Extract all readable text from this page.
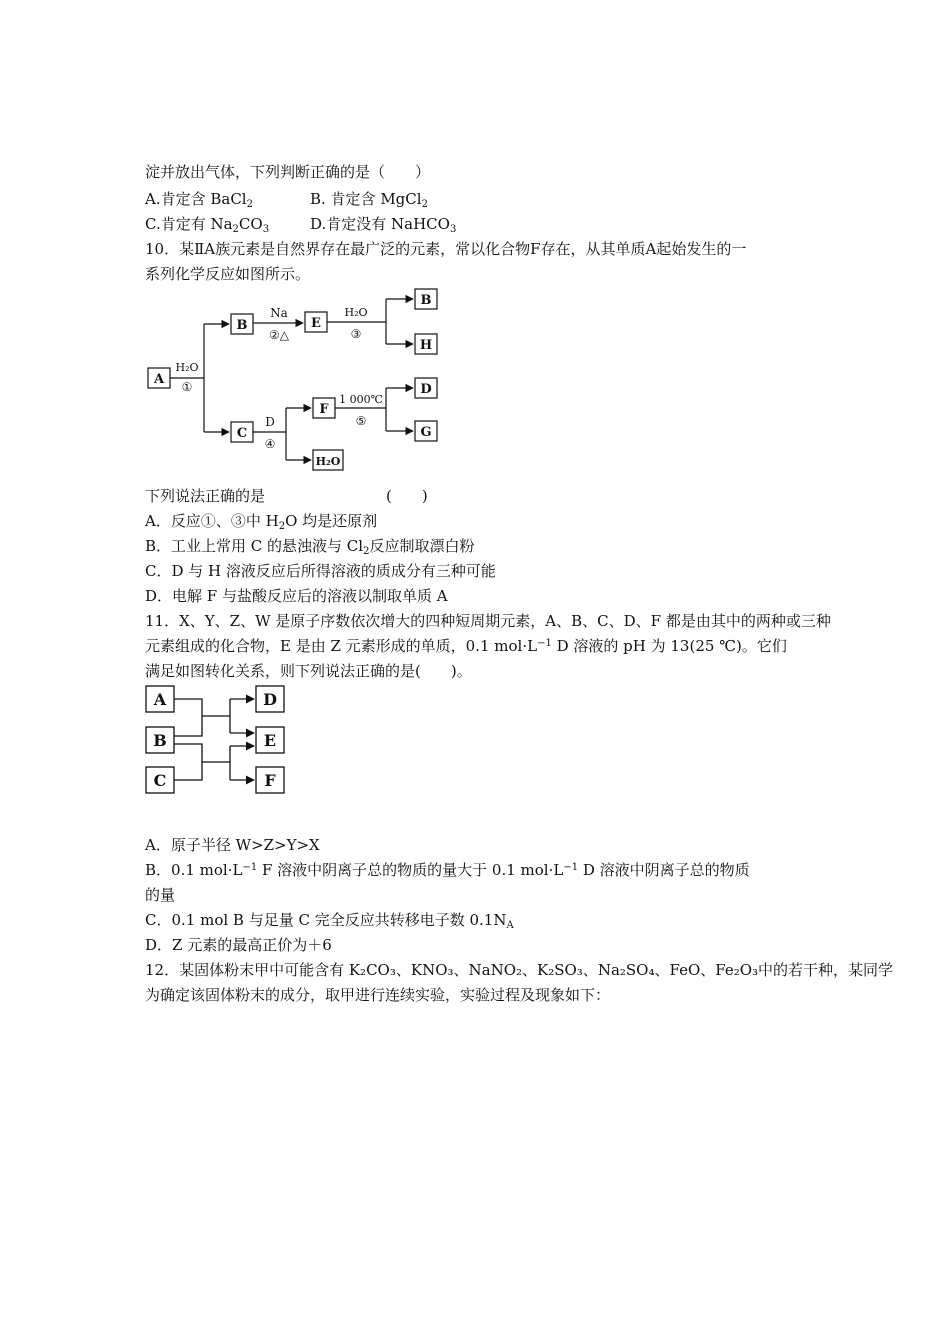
淀并放出气体，下列判断正确的是（　　）
A.肯定含 BaCl$_2$	B. 肯定含 MgCl$_2$
C.肯定有 $Na_2CO_3$	D.肯定没有 NaHCO$_3$
10．某ⅡA族元素是自然界存在最广泛的元素，常以化合物F存在，从其单质A起始发生的一
系列化学反应如图所示。
A
B	E
B
H
C
F
D
G
H₂O
H₂O
①
Na
②△
H₂O
③
D
④
1 000℃
⑤
下列说法正确的是	(　　)
A．反应①、③中 $H_2O$ 均是还原剂
B．工业上常用 C 的悬浊液与 $Cl_2$反应制取漂白粉
C．D 与 H 溶液反应后所得溶液的质成分有三种可能
D．电解 F 与盐酸反应后的溶液以制取单质 A
11．X、Y、Z、W 是原子序数依次增大的四种短周期元素，A、B、C、D、F 都是由其中的两种或三种
元素组成的化合物，E 是由 Z 元素形成的单质，0.1 $mol\cdot L^{-1}$ D 溶液的 pH 为 13(25 ℃)。它们
满足如图转化关系，则下列说法正确的是(　　)。
A
B
C
D
E
F
A．原子半径 W>Z>Y>X
B．0.1 $mol\cdot L^{-1}$ F 溶液中阴离子总的物质的量大于 0.1 $mol\cdot L^{-1}$ D 溶液中阴离子总的物质
的量
C．0.1 mol B 与足量 C 完全反应共转移电子数 $0.1N_A$
D．Z 元素的最高正价为＋6
12．某固体粉末甲中可能含有 K₂CO₃、KNO₃、NaNO₂、K₂SO₃、Na₂SO₄、FeO、Fe₂O₃中的若干种，某同学
为确定该固体粉末的成分，取甲进行连续实验，实验过程及现象如下：
